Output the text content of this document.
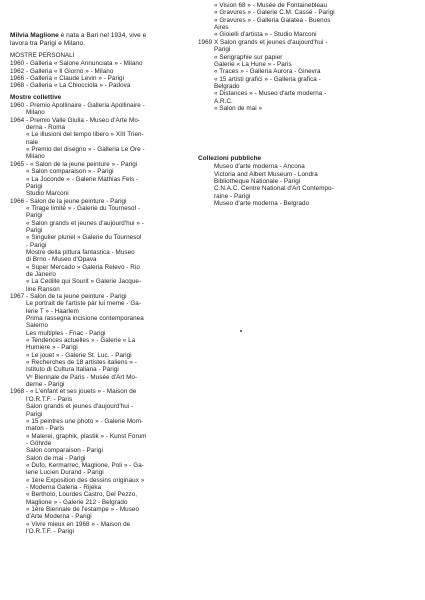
Milvia Maglione è nata a Bari nel 1934, vive e
lavora tra Parigi e Milano.
MOSTRE PERSONALI
1960 - Galleria « Salone Annunciata » - Milano
1962 - Galleria « Il Giorno » - Milano
1966 - Galleria « Claude Levin » - Parigi
1968 - Galleria « La Chiocciola » - Padova
Mostre collettive
1960 - Premio Apollinaire - Galleria Apollinaire -
Milano
1964 - Premio Valle Giulia - Museo d'Arte Mo-
derna - Roma
« Le illusioni del tempo libero » XIII Trien-
nale
« Premio del disegno » - Galleria Le Ore -
Milano
1965 - « Salon de la jeune peinture » - Parigi
« Salon comparaison » - Parigi
« La Joconde » - Galerie Mathias Fels -
Parigi
Studio Marconi
1966 - Salon de la jeune peinture - Parigi
« Tirage limité » - Galerie du Tournesol -
Parigi
« Salon grands et jeunes d'aujourd'hui » -
Parigi
« Singulier pluriel » Galerie du Tournesol
- Parigi
Mostre della pittura fantastica - Museo
di Brno - Museo d'Opava
« Super Mercado » Galeria Relevo - Rio
de Janeiro
« La Cedille qui Sourit » Galerie Jacque-
line Ranson
1967 - Salon de la jeune peinture - Parigi
Le portrait de l'artiste par lui meme - Ga-
lerie T » - Haarlem
Prima rassegna incisione contemporanea
Salerno
Les multiples - Fnac - Parigi
« Tendences actuelles » - Galerie « La
Humiere » - Parigi
« Le jouet » - Galerie St. Luc. - Parigi
« Recherches de 18 artistes italiens » -
Istituto di Cultura Italiana - Parigi
Vᵉ Biennale de Paris - Musée d'Art Mo-
derne - Parigi
1968 - « L'enfant et ses jouets » - Maison de
l'O.R.T.F. - Paris
Salon grands et jeunes d'aujourd'hui -
Parigi
« 15 peintres une photo » - Galerie Mom-
maton - Paris
« Malerei, graphik, plastik » - Kunst Forum
- Göhrde
Salon comparaison - Parigi
Salon de mai - Parigi
« Dufo, Kermarrec, Maglione, Poli » - Ga-
lerie Lucien Durand - Parigi
« 1ère Exposition des dessins originaux »
- Moderna Galeria - Rijeka
« Bertholo, Lourdes Castro, Del Pezzo,
Maglione » - Galerie 212 - Belgrado
« 1ère Biennale de l'estampe » - Museo
d'Arte Moderna - Parigi
« Vivre mieux en 1968 » - Maison de
l'O.R.T.F. - Parigi
« Vision 68 » - Musée de Fontainebleau
« Gravures » - Galerie C.M. Cassé - Parigi
« Gravures » - Galleria Galatea - Buenos
Aires
« Gioielli d'artista » - Studio Marconi
1969 X Salon grands et jeunes d'aujourd'hui -
Parigi
« Serigraphie sur papier
Galerie « La Hune » - Paris
« Traces » - Galleria Aurora - Ginevra
« 15 artisti grafici » - Galleria grafica -
Belgrado
« Distances » - Museo d'arte moderna -
A.R.C.
« Salon de mai »
Collezioni pubbliche
Museo d'arte moderna - Ancona
Victoria and Albert Museum - Londra
Bibliotheque Nationale - Parigi
C.N.A.C. Centre National d'Art Contempo-
raine - Parigi
Museo d'arte moderna - Belgrado
